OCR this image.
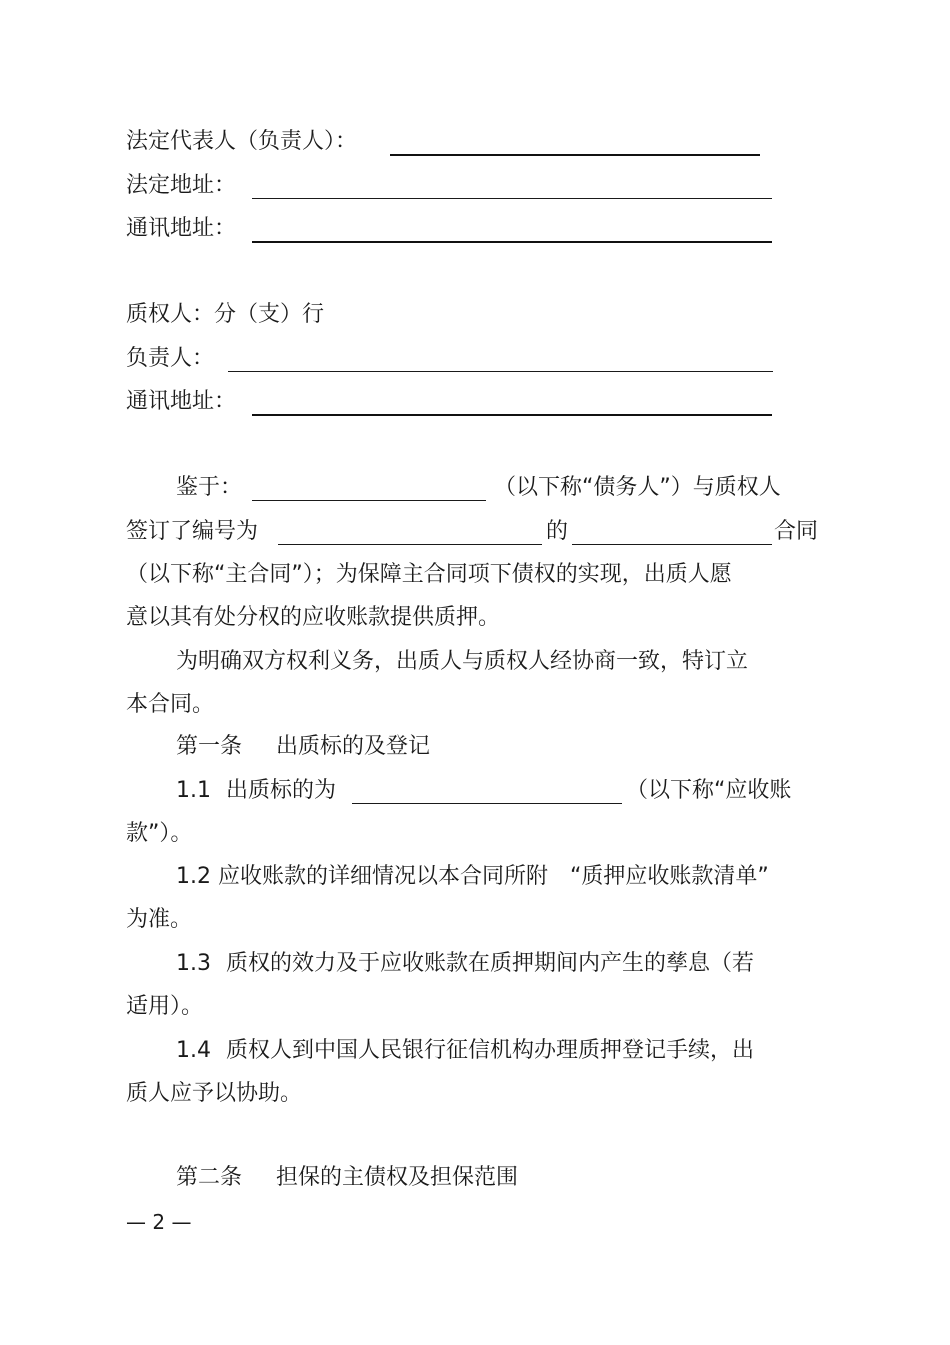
法定代表人（负责人）：
法定地址：
通讯地址：
质权人：分（支）行
负责人：
通讯地址：
鉴于：	（以下称“债务人”）与质权人
签订了编号为	的	合同
（以下称“主合同”）；为保障主合同项下债权的实现，出质人愿
意以其有处分权的应收账款提供质押。
为明确双方权利义务，出质人与质权人经协商一致，特订立
本合同。
第一条 出质标的及登记
1.1 出质标的为	（以下称“应收账
款”）。
1.2 应收账款的详细情况以本合同所附　“质押应收账款清单”
为准。
1.3 质权的效力及于应收账款在质押期间内产生的孳息（若
适用）。
1.4 质权人到中国人民银行征信机构办理质押登记手续，出
质人应予以协助。
第二条 担保的主债权及担保范围
— 2 —
